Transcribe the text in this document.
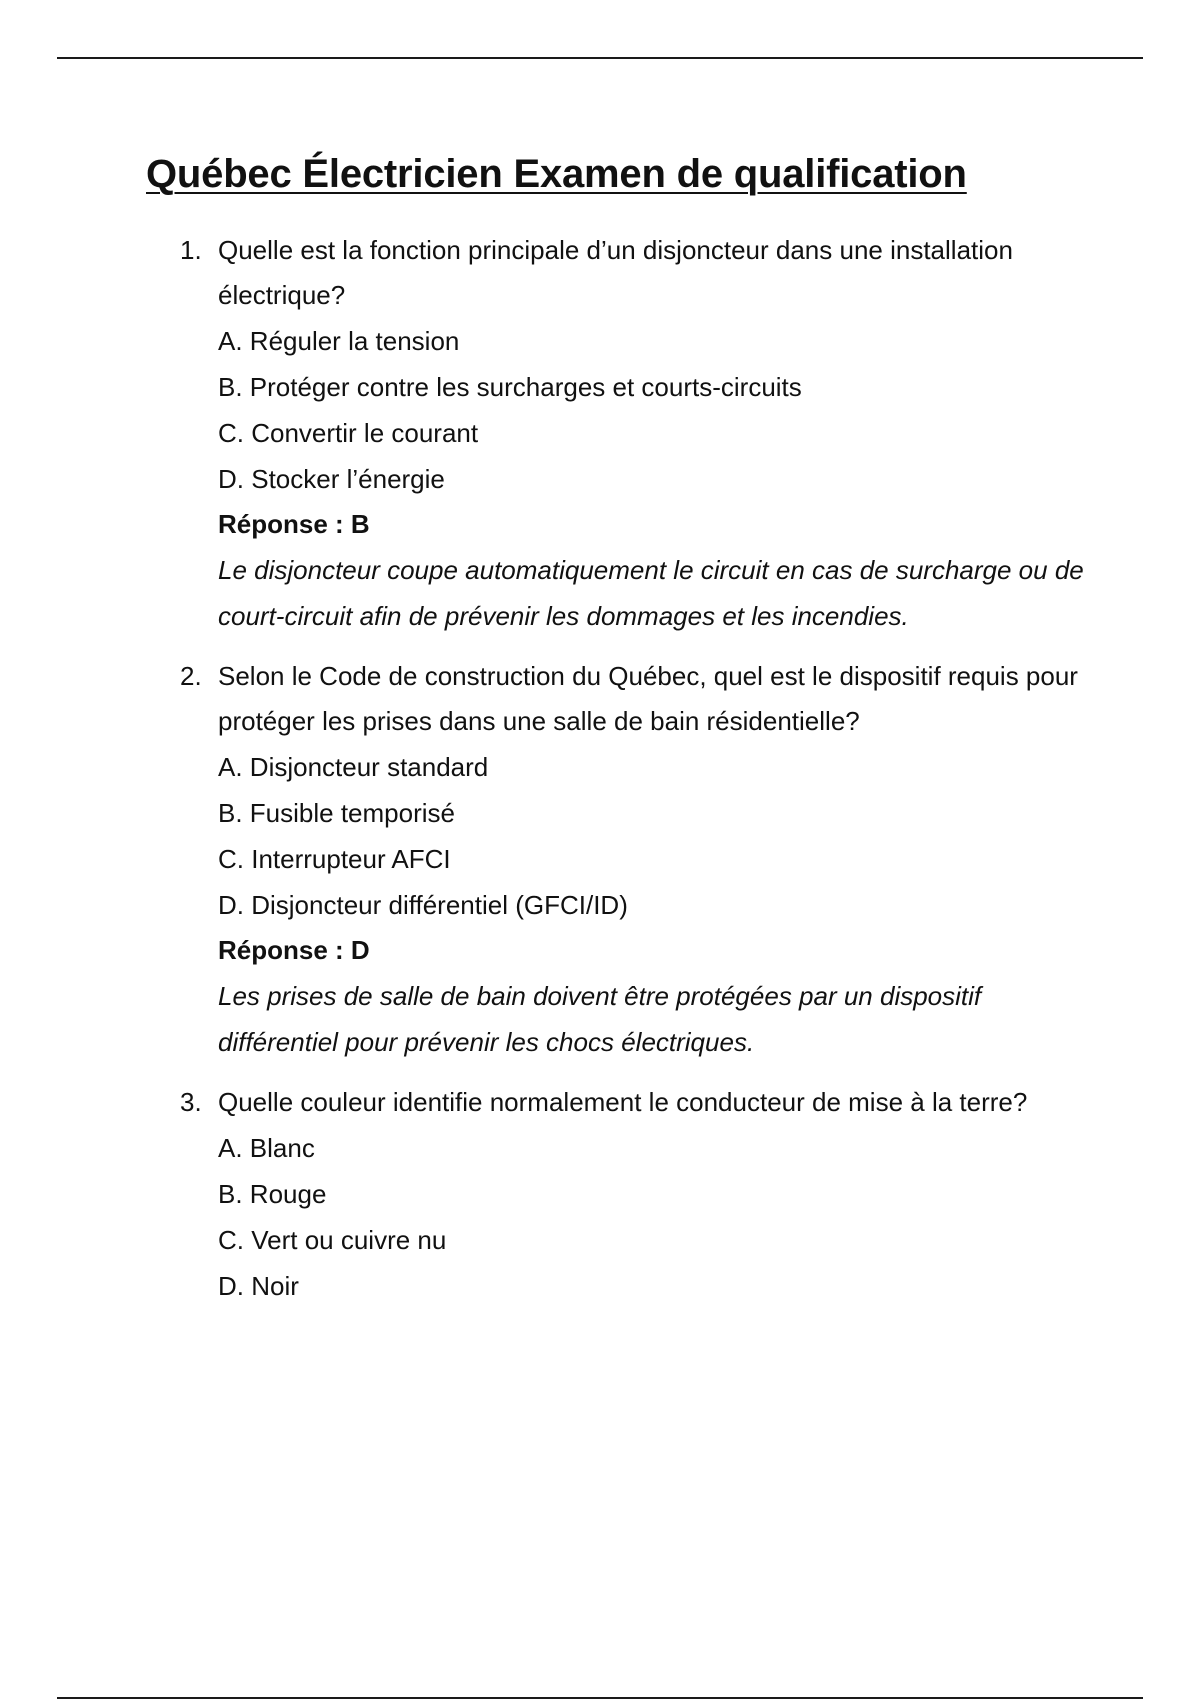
Québec Électricien Examen de qualification
1. Quelle est la fonction principale d’un disjoncteur dans une installation électrique?
A. Réguler la tension
B. Protéger contre les surcharges et courts-circuits
C. Convertir le courant
D. Stocker l’énergie
Réponse : B
Le disjoncteur coupe automatiquement le circuit en cas de surcharge ou de court-circuit afin de prévenir les dommages et les incendies.
2. Selon le Code de construction du Québec, quel est le dispositif requis pour protéger les prises dans une salle de bain résidentielle?
A. Disjoncteur standard
B. Fusible temporisé
C. Interrupteur AFCI
D. Disjoncteur différentiel (GFCI/ID)
Réponse : D
Les prises de salle de bain doivent être protégées par un dispositif différentiel pour prévenir les chocs électriques.
3. Quelle couleur identifie normalement le conducteur de mise à la terre?
A. Blanc
B. Rouge
C. Vert ou cuivre nu
D. Noir
